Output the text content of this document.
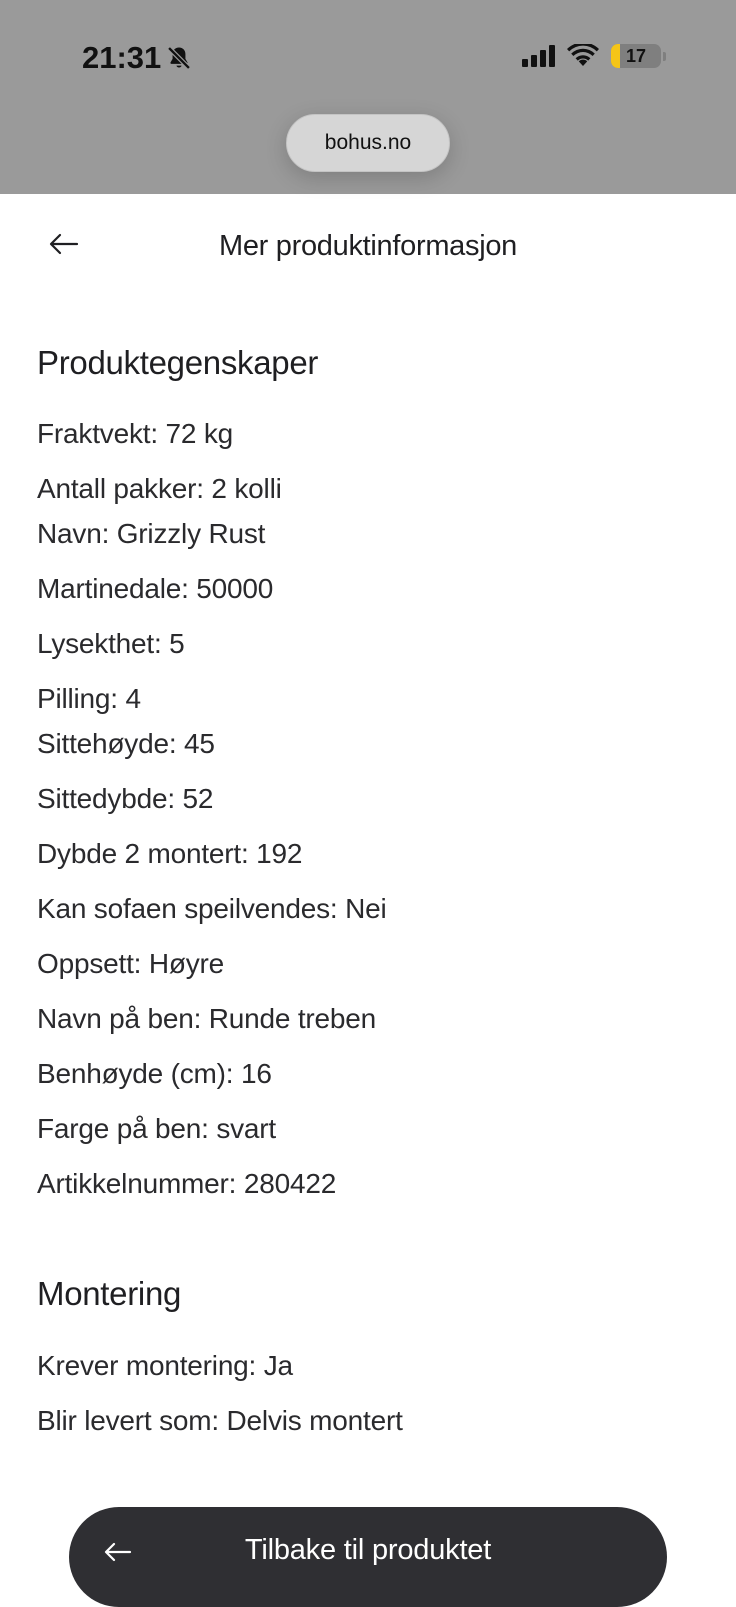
21:31	17
bohus.no
Mer produktinformasjon
Produktegenskaper
Fraktvekt: 72 kg
Antall pakker: 2 kolli
Navn: Grizzly Rust
Martinedale: 50000
Lysekthet: 5
Pilling: 4
Sittehøyde: 45
Sittedybde: 52
Dybde 2 montert: 192
Kan sofaen speilvendes: Nei
Oppsett: Høyre
Navn på ben: Runde treben
Benhøyde (cm): 16
Farge på ben: svart
Artikkelnummer: 280422
Montering
Krever montering: Ja
Blir levert som: Delvis montert
Tilbake til produktet
